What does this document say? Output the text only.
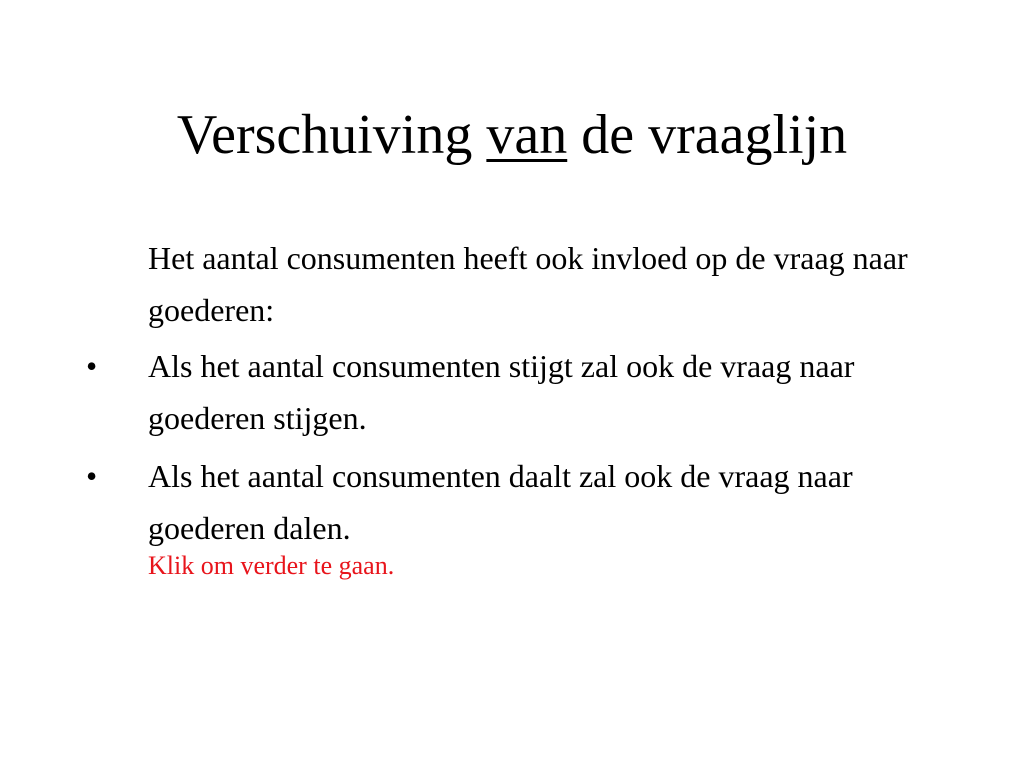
Verschuiving van de vraaglijn
Het aantal consumenten heeft ook invloed op de vraag naar goederen:
• Als het aantal consumenten stijgt zal ook de vraag naar goederen stijgen.
• Als het aantal consumenten daalt zal ook de vraag naar goederen dalen.
Klik om verder te gaan.
